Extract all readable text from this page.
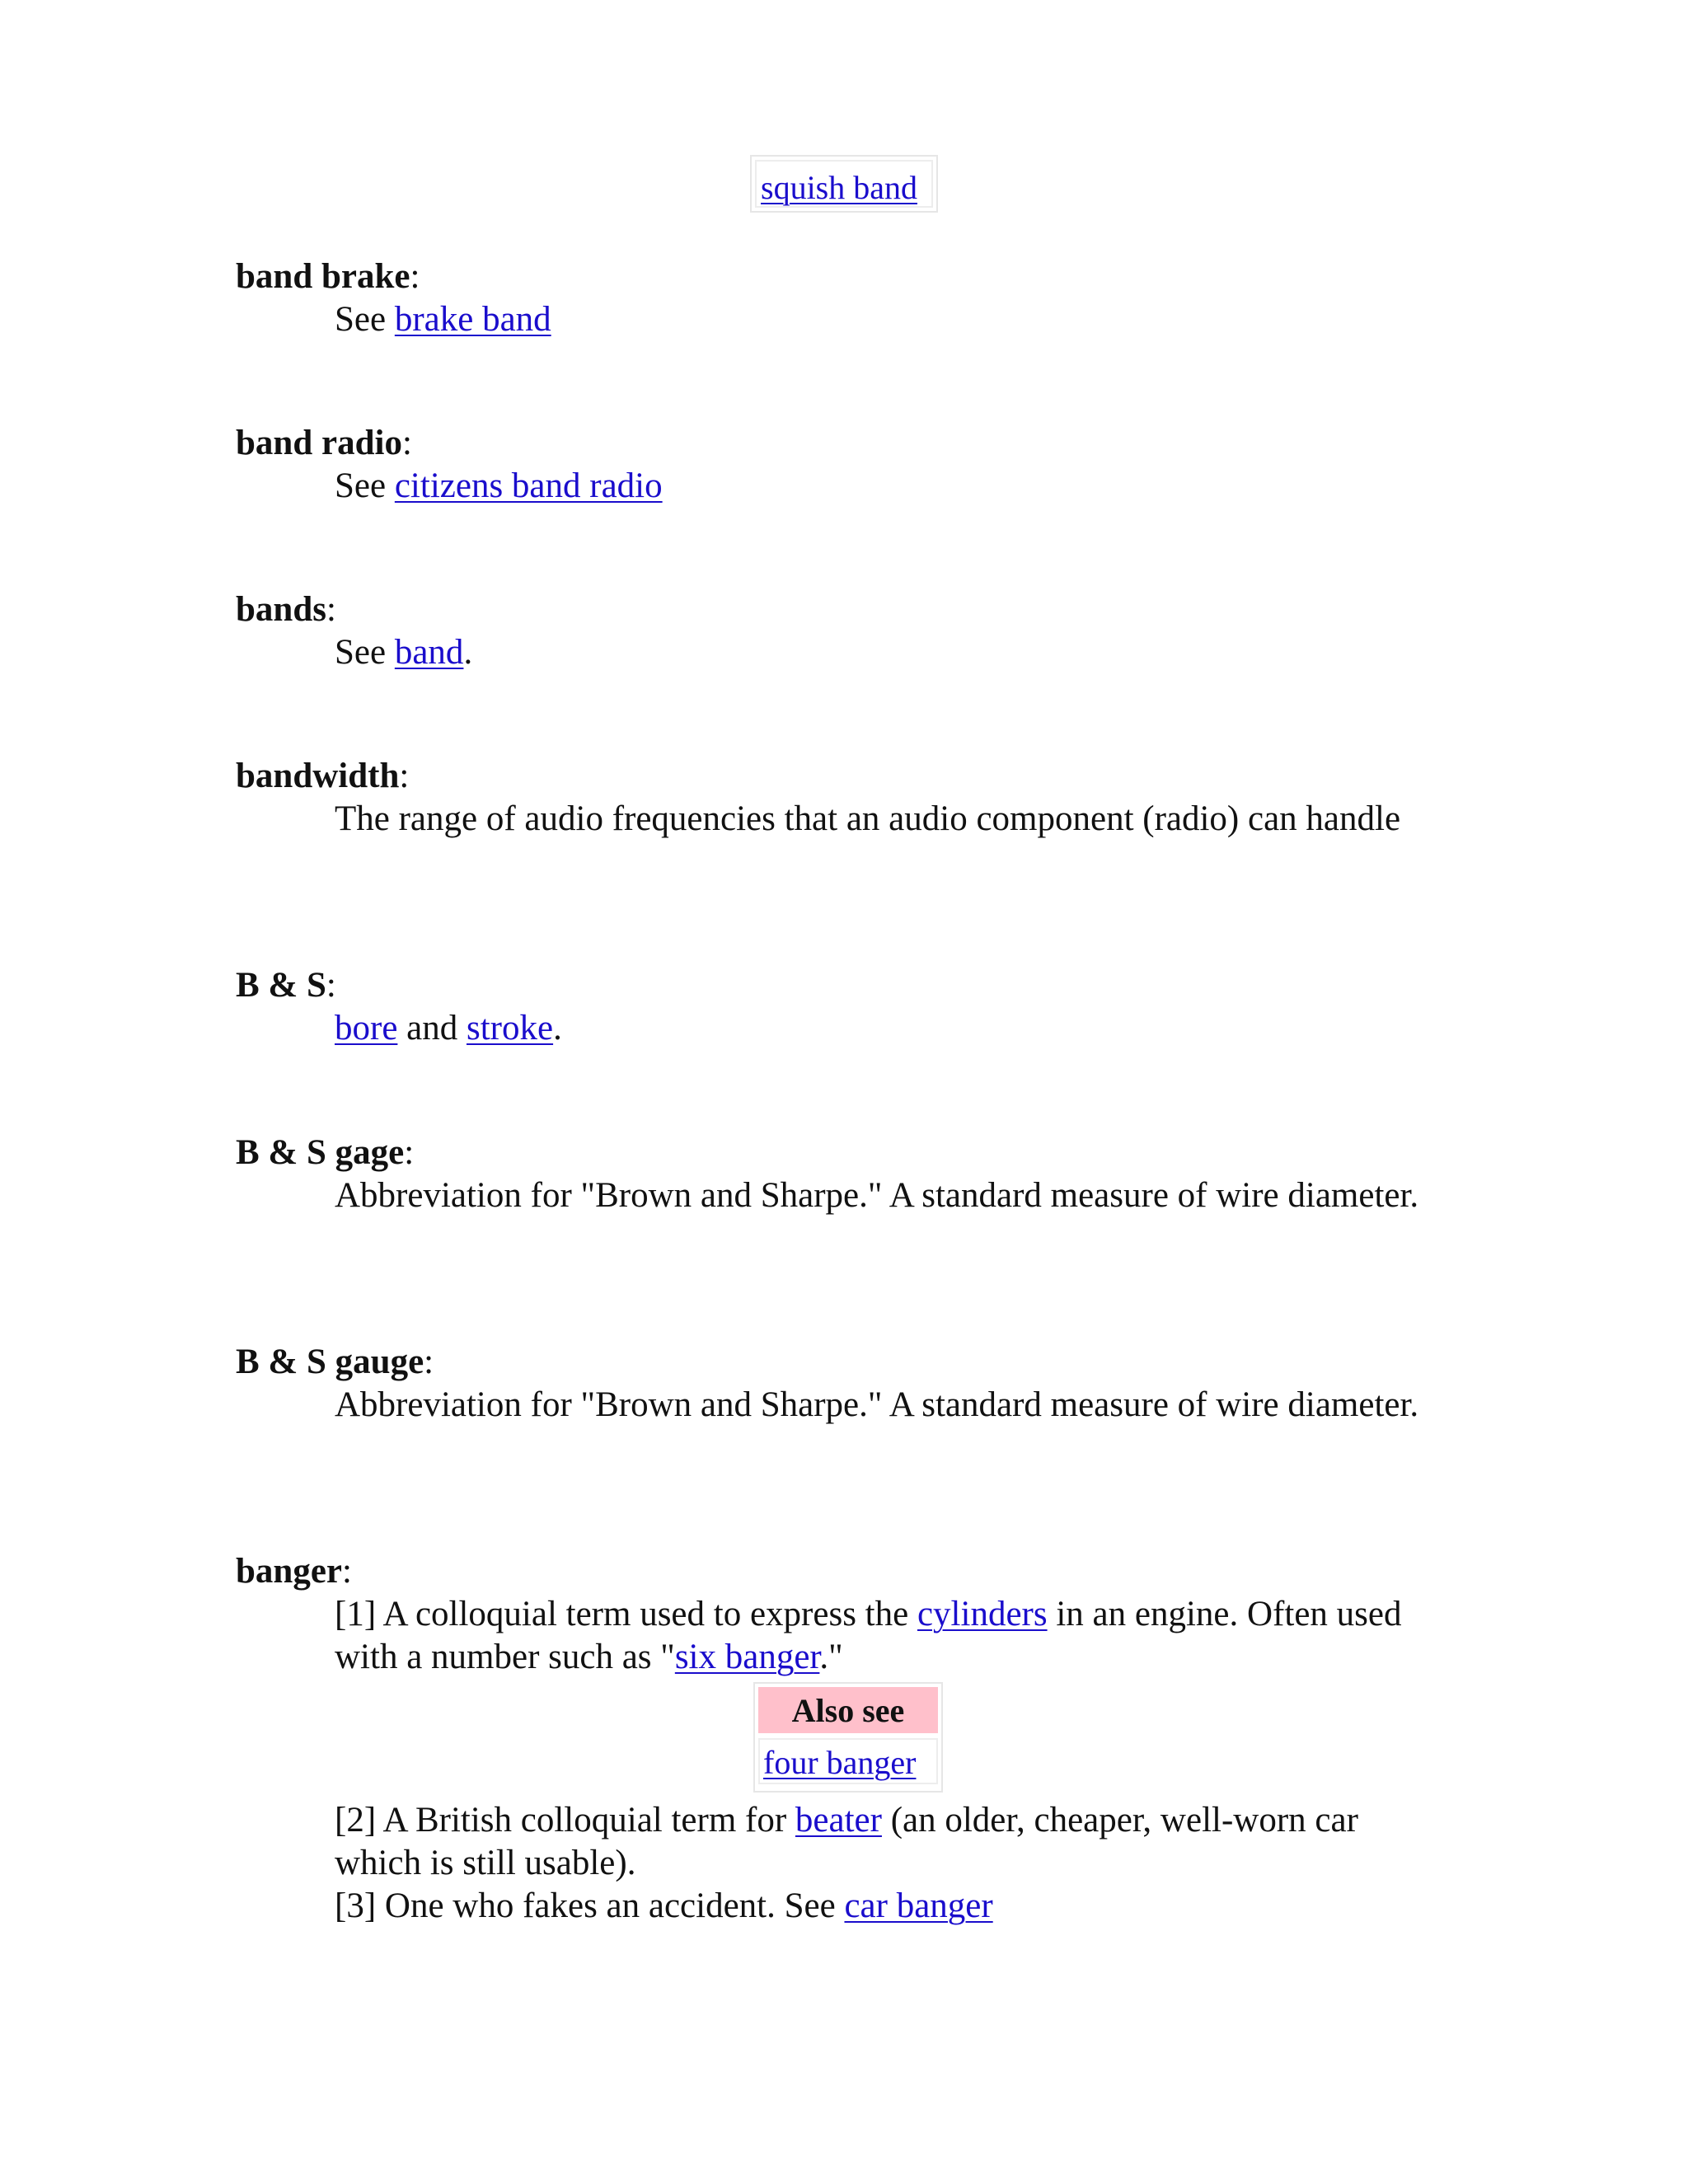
squish band
band brake:
See brake band
band radio:
See citizens band radio
bands:
See band.
bandwidth:
The range of audio frequencies that an audio component (radio) can handle
B & S:
bore and stroke.
B & S gage:
Abbreviation for "Brown and Sharpe." A standard measure of wire diameter.
B & S gauge:
Abbreviation for "Brown and Sharpe." A standard measure of wire diameter.
banger:
[1] A colloquial term used to express the cylinders in an engine. Often used with a number such as "six banger."
Also see
four banger
[2] A British colloquial term for beater (an older, cheaper, well-worn car which is still usable).
[3] One who fakes an accident. See car banger
